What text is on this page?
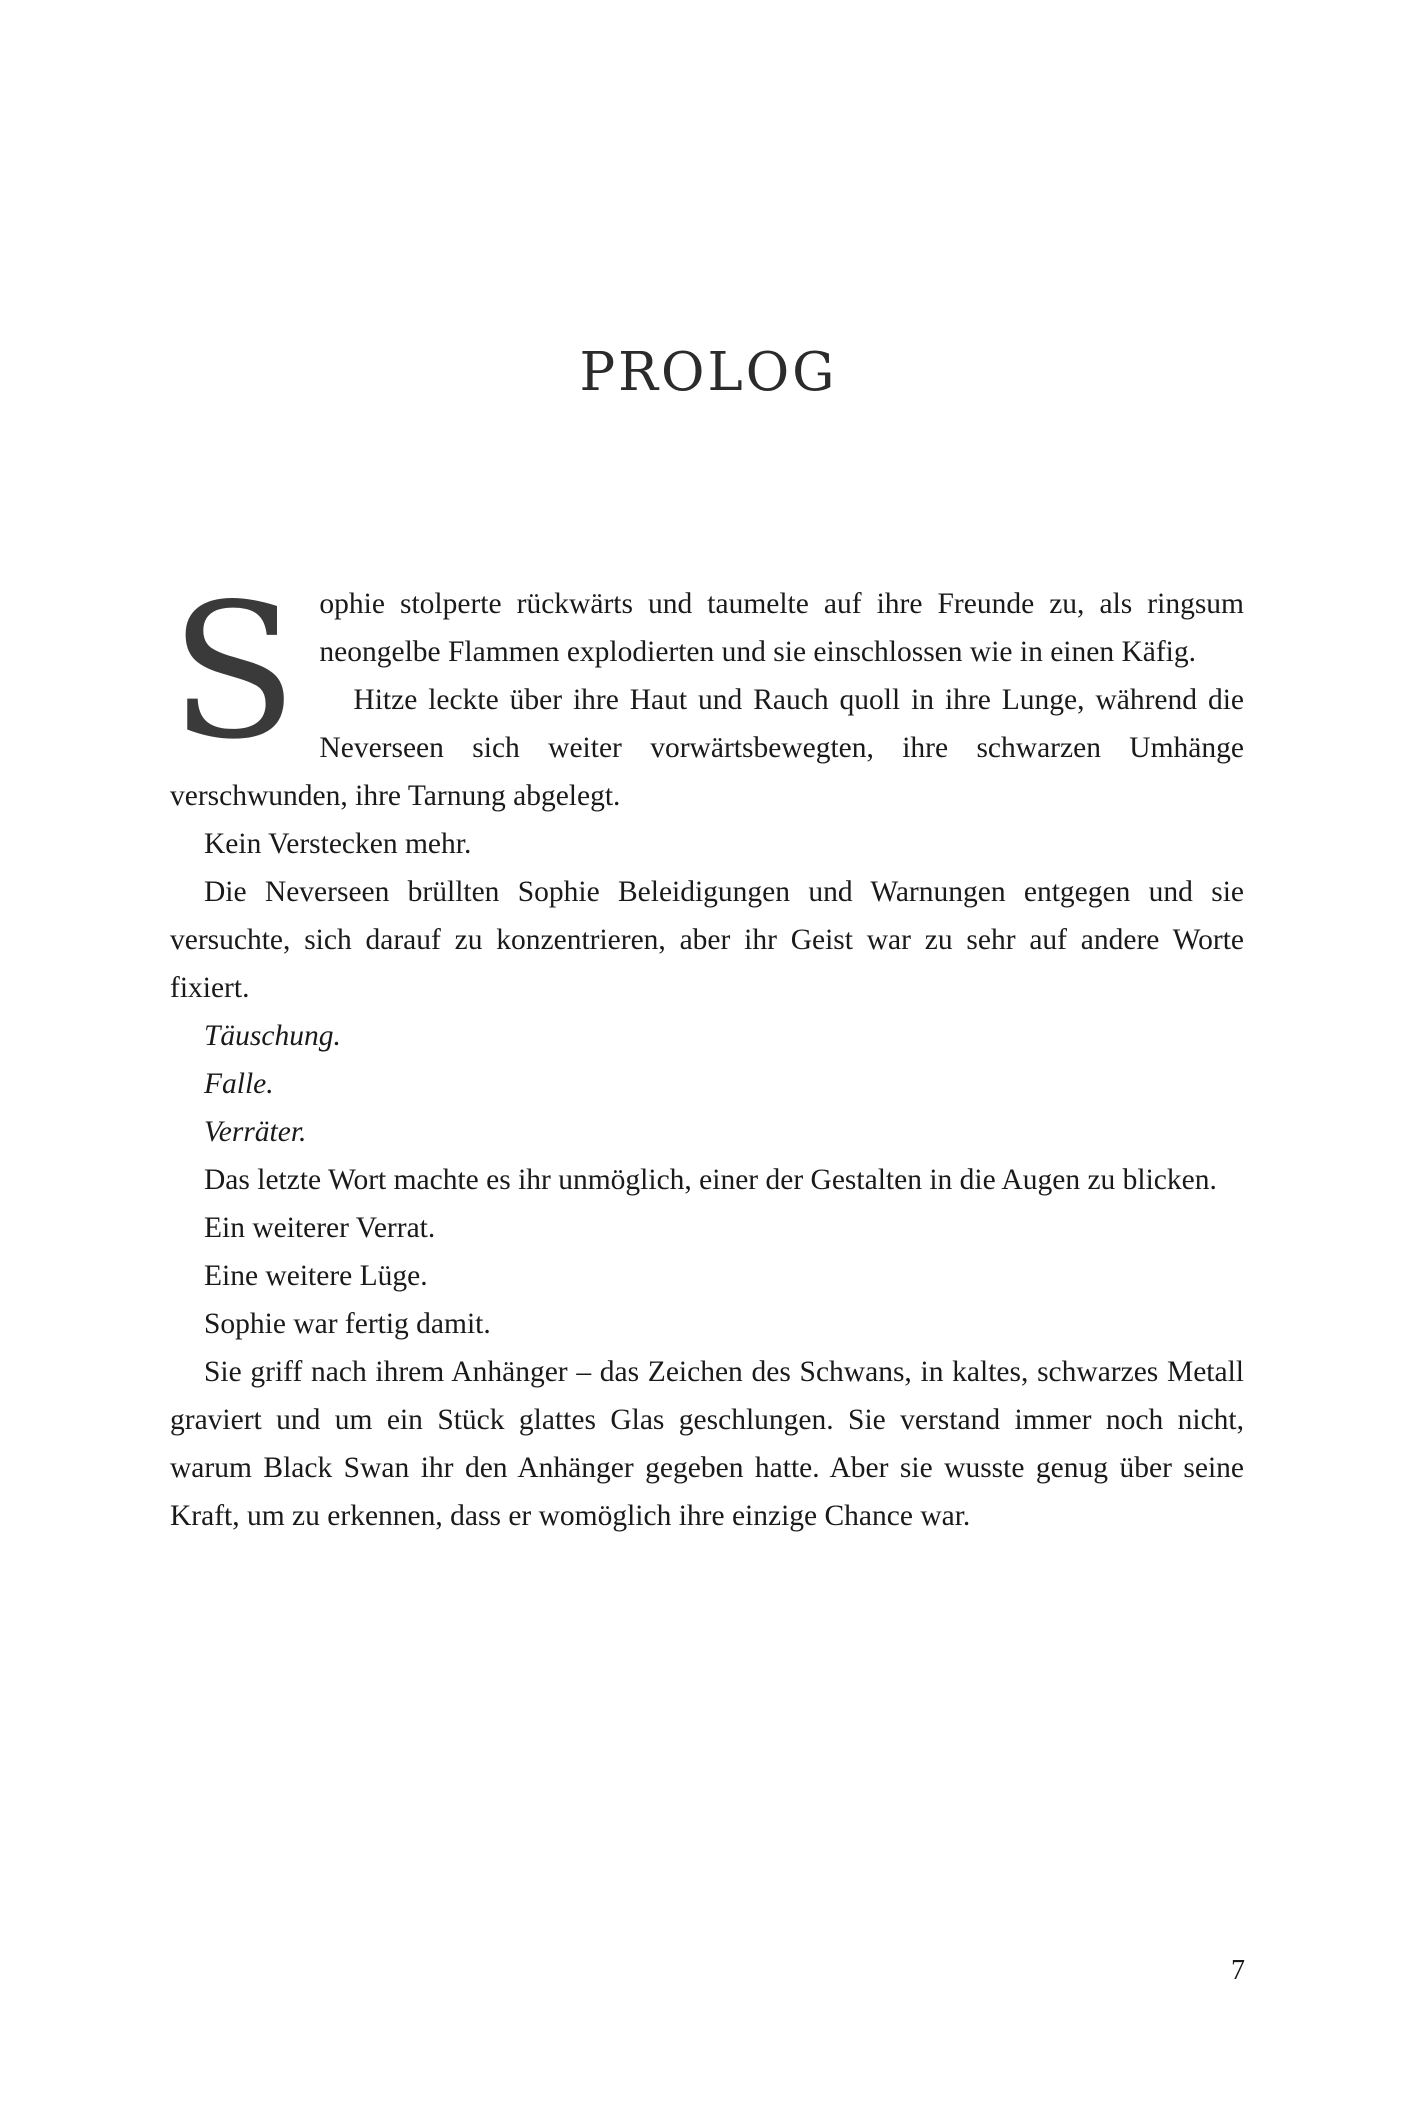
prolog
S ophie stolperte rückwärts und taumelte auf ihre Freunde zu, als ringsum neongelbe Flammen explodierten und sie einschlossen wie in einen Käfig.

Hitze leckte über ihre Haut und Rauch quoll in ihre Lunge, während die Neverseen sich weiter vorwärtsbewegten, ihre schwarzen Umhänge verschwunden, ihre Tarnung abgelegt.

Kein Verstecken mehr.

Die Neverseen brüllten Sophie Beleidigungen und Warnungen entgegen und sie versuchte, sich darauf zu konzentrieren, aber ihr Geist war zu sehr auf andere Worte fixiert.

Täuschung.

Falle.

Verräter.

Das letzte Wort machte es ihr unmöglich, einer der Gestalten in die Augen zu blicken.

Ein weiterer Verrat.

Eine weitere Lüge.

Sophie war fertig damit.

Sie griff nach ihrem Anhänger – das Zeichen des Schwans, in kaltes, schwarzes Metall graviert und um ein Stück glattes Glas geschlungen. Sie verstand immer noch nicht, warum Black Swan ihr den Anhänger gegeben hatte. Aber sie wusste genug über seine Kraft, um zu erkennen, dass er womöglich ihre einzige Chance war.

7
